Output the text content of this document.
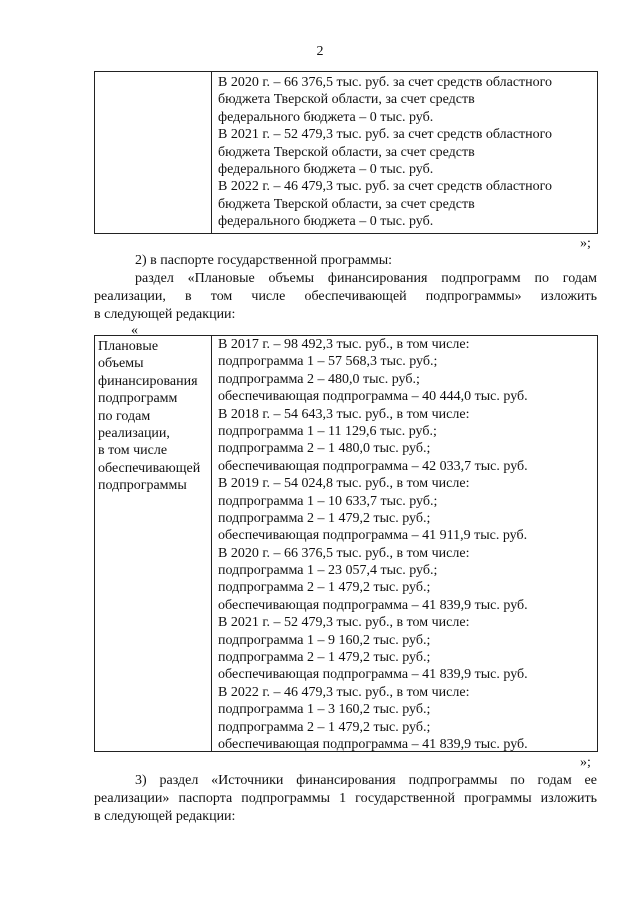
2
В 2020 г. – 66 376,5 тыс. руб. за счет средств областного
бюджета Тверской области, за счет средств
федерального бюджета – 0 тыс. руб.
В 2021 г. – 52 479,3 тыс. руб. за счет средств областного
бюджета Тверской области, за счет средств
федерального бюджета – 0 тыс. руб.
В 2022 г. – 46 479,3 тыс. руб. за счет средств областного
бюджета Тверской области, за счет средств
федерального бюджета – 0 тыс. руб.
»;
2) в паспорте государственной программы:
раздел «Плановые объемы финансирования подпрограмм по годам
реализации, в том числе обеспечивающей подпрограммы» изложить
в следующей редакции:
«
Плановые
объемы
финансирования
подпрограмм
по годам
реализации,
в том числе
обеспечивающей
подпрограммы
В 2017 г. – 98 492,3 тыс. руб., в том числе:
подпрограмма 1 – 57 568,3 тыс. руб.;
подпрограмма 2 – 480,0 тыс. руб.;
обеспечивающая подпрограмма – 40 444,0 тыс. руб.
В 2018 г. – 54 643,3 тыс. руб., в том числе:
подпрограмма 1 – 11 129,6 тыс. руб.;
подпрограмма 2 – 1 480,0 тыс. руб.;
обеспечивающая подпрограмма – 42 033,7 тыс. руб.
В 2019 г. – 54 024,8 тыс. руб., в том числе:
подпрограмма 1 – 10 633,7 тыс. руб.;
подпрограмма 2 – 1 479,2 тыс. руб.;
обеспечивающая подпрограмма – 41 911,9 тыс. руб.
В 2020 г. – 66 376,5 тыс. руб., в том числе:
подпрограмма 1 – 23 057,4 тыс. руб.;
подпрограмма 2 – 1 479,2 тыс. руб.;
обеспечивающая подпрограмма – 41 839,9 тыс. руб.
В 2021 г. – 52 479,3 тыс. руб., в том числе:
подпрограмма 1 – 9 160,2 тыс. руб.;
подпрограмма 2 – 1 479,2 тыс. руб.;
обеспечивающая подпрограмма – 41 839,9 тыс. руб.
В 2022 г. – 46 479,3 тыс. руб., в том числе:
подпрограмма 1 – 3 160,2 тыс. руб.;
подпрограмма 2 – 1 479,2 тыс. руб.;
обеспечивающая подпрограмма – 41 839,9 тыс. руб.
»;
3) раздел «Источники финансирования подпрограммы по годам ее
реализации» паспорта подпрограммы 1 государственной программы изложить
в следующей редакции:
